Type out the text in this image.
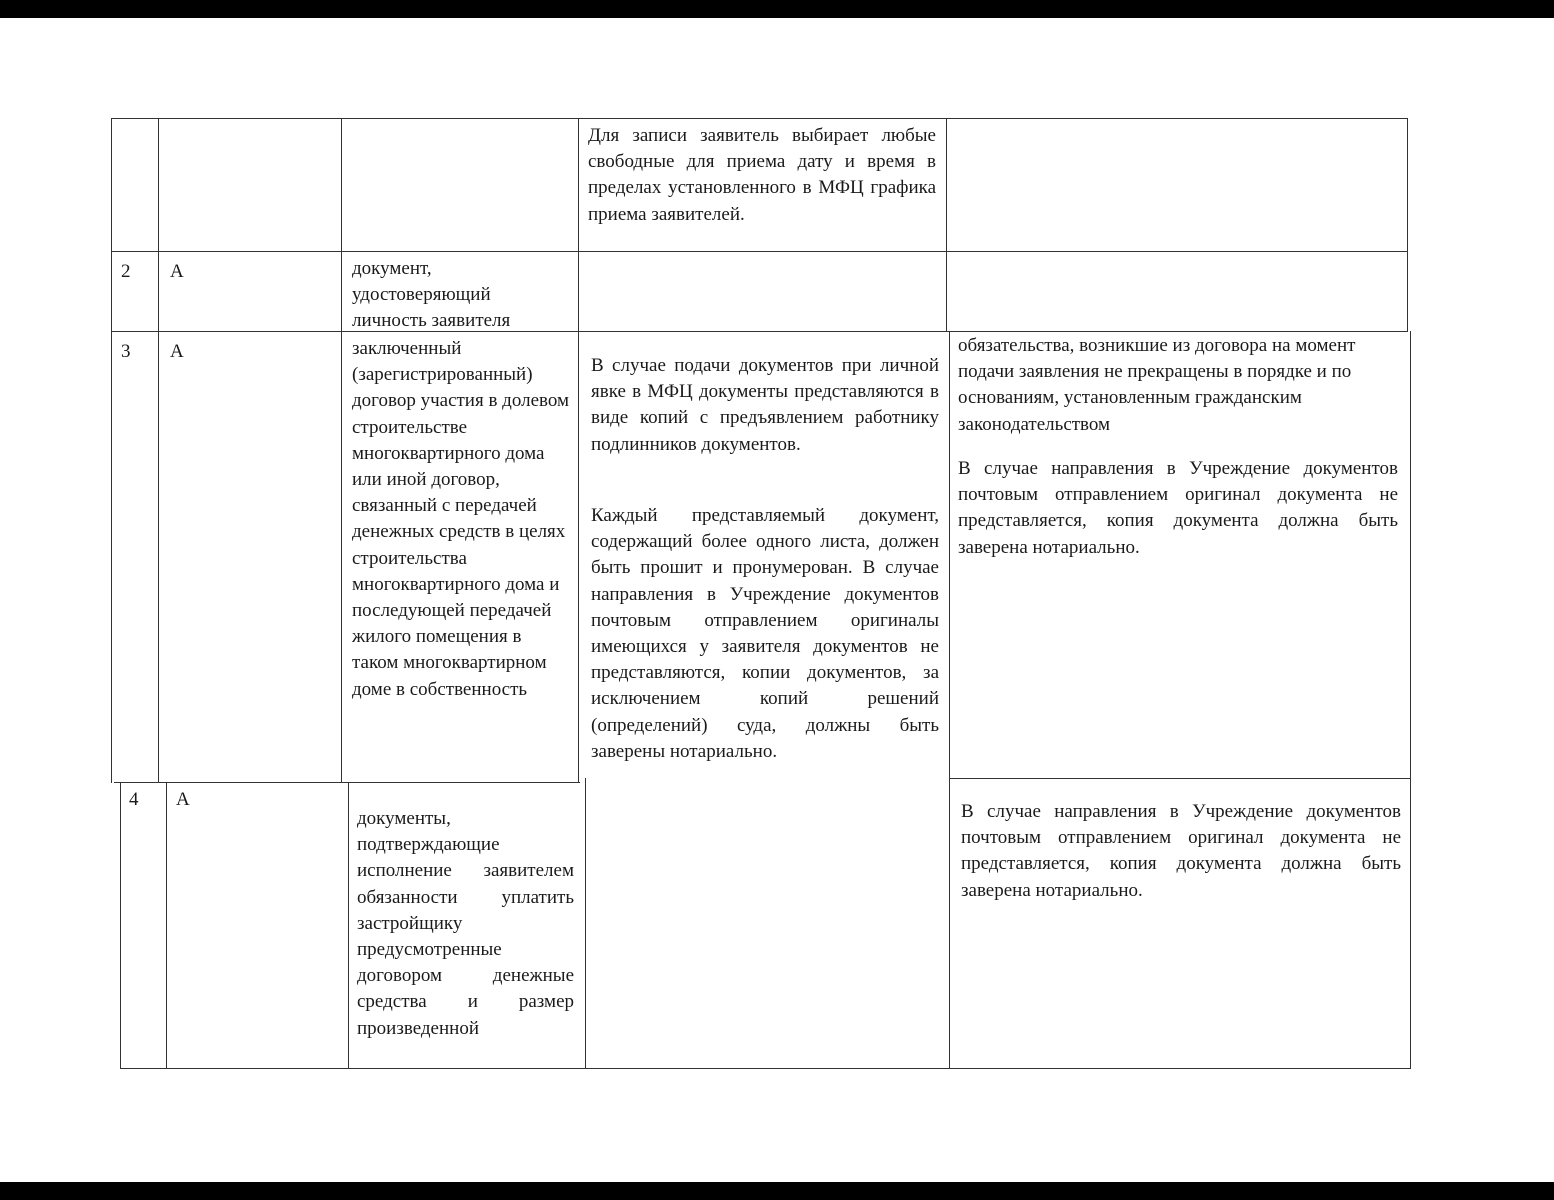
Для записи заявитель выбирает любые свободные для приема дату и время в пределах установленного в МФЦ графика приема заявителей.
2 А	документ, удостоверяющий личность заявителя
3 А	заключенный (зарегистрированный) договор участия в долевом строительстве многоквартирного дома или иной договор, связанный с передачей денежных средств в целях строительства многоквартирного дома и последующей передачей жилого помещения в таком многоквартирном доме в собственность
В случае подачи документов при личной явке в МФЦ документы представляются в виде копий с предъявлением работнику подлинников документов.
Каждый представляемый документ, содержащий более одного листа, должен быть прошит и пронумерован. В случае направления в Учреждение документов почтовым отправлением оригиналы имеющихся у заявителя документов не представляются, копии документов, за исключением копий решений (определений) суда, должны быть заверены нотариально.
обязательства, возникшие из договора на момент подачи заявления не прекращены в порядке и по основаниям, установленным гражданским законодательством
В случае направления в Учреждение документов почтовым отправлением оригинал документа не представляется, копия документа должна быть заверена нотариально.
4 А
документы, подтверждающие исполнение заявителем обязанности уплатить застройщику предусмотренные договором денежные средства и размер произведенной
В случае направления в Учреждение документов почтовым отправлением оригинал документа не представляется, копия документа должна быть заверена нотариально.
